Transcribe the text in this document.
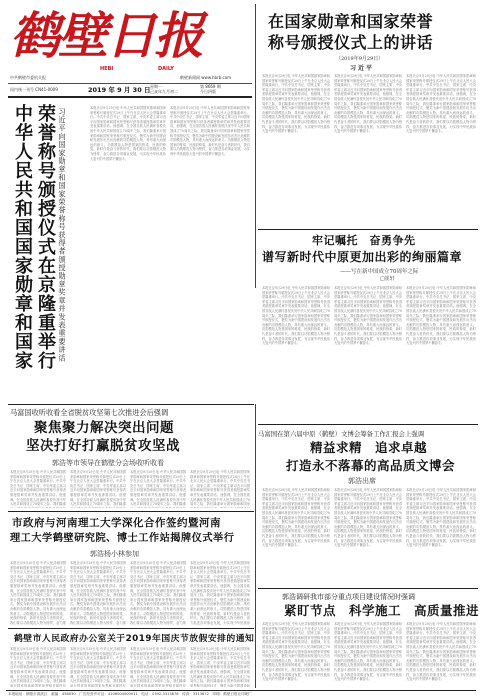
鹤壁日报
HEBI	DAILY
中共鹤壁市委机关报	鹤壁新闻网 www.hbrb.com
国内统一刊号 CN41-0009	2019 年 9 月 30 日 星期一
己亥年九月初二
第 8669 期
今日四版
在国家勋章和国家荣誉
称号颁授仪式上的讲话
（2019年9月29日）
习近平
本报北京9月29日电 中华人民共和国国家勋章和国家荣誉称号颁授仪式29日上午在北京人民大会堂隆重举行。中共中央总书记、国家主席、中央军委主席习近平向国家勋章和国家荣誉称号获得者颁授勋章奖章并发表重要讲话。他强调，在全国各族人民满怀喜悦庆祝中华人民共和国成立70周年之际，我们隆重举行国家勋章和国家荣誉称号颁授仪式，褒奖为新中国建设和发展作出杰出贡献的功勋模范人物，具有重大而深远的意义。功勋模范人物是国家的栋梁、民族的脊梁，新时代是奋斗者的时代，我们要以功勋模范人物为榜样，奋力推进各项事业发展，为实现中华民族伟大复兴的中国梦不懈奋斗。
本报北京9月29日电 中华人民共和国国家勋章和国家荣誉称号颁授仪式29日上午在北京人民大会堂隆重举行。中共中央总书记、国家主席、中央军委主席习近平向国家勋章和国家荣誉称号获得者颁授勋章奖章并发表重要讲话。他强调，在全国各族人民满怀喜悦庆祝中华人民共和国成立70周年之际，我们隆重举行国家勋章和国家荣誉称号颁授仪式，褒奖为新中国建设和发展作出杰出贡献的功勋模范人物，具有重大而深远的意义。功勋模范人物是国家的栋梁、民族的脊梁，新时代是奋斗者的时代，我们要以功勋模范人物为榜样，奋力推进各项事业发展，为实现中华民族伟大复兴的中国梦不懈奋斗。
本报北京9月29日电 中华人民共和国国家勋章和国家荣誉称号颁授仪式29日上午在北京人民大会堂隆重举行。中共中央总书记、国家主席、中央军委主席习近平向国家勋章和国家荣誉称号获得者颁授勋章奖章并发表重要讲话。他强调，在全国各族人民满怀喜悦庆祝中华人民共和国成立70周年之际，我们隆重举行国家勋章和国家荣誉称号颁授仪式，褒奖为新中国建设和发展作出杰出贡献的功勋模范人物，具有重大而深远的意义。功勋模范人物是国家的栋梁、民族的脊梁，新时代是奋斗者的时代，我们要以功勋模范人物为榜样，奋力推进各项事业发展，为实现中华民族伟大复兴的中国梦不懈奋斗。
牢记嘱托　奋勇争先
谱写新时代中原更加出彩的绚丽篇章
——写在新中国成立70周年之际
□崔轩
本报北京9月29日电 中华人民共和国国家勋章和国家荣誉称号颁授仪式29日上午在北京人民大会堂隆重举行。中共中央总书记、国家主席、中央军委主席习近平向国家勋章和国家荣誉称号获得者颁授勋章奖章并发表重要讲话。他强调，在全国各族人民满怀喜悦庆祝中华人民共和国成立70周年之际，我们隆重举行国家勋章和国家荣誉称号颁授仪式，褒奖为新中国建设和发展作出杰出贡献的功勋模范人物，具有重大而深远的意义。功勋模范人物是国家的栋梁、民族的脊梁，新时代是奋斗者的时代，我们要以功勋模范人物为榜样，奋力推进各项事业发展，为实现中华民族伟大复兴的中国梦不懈奋斗。
本报北京9月29日电 中华人民共和国国家勋章和国家荣誉称号颁授仪式29日上午在北京人民大会堂隆重举行。中共中央总书记、国家主席、中央军委主席习近平向国家勋章和国家荣誉称号获得者颁授勋章奖章并发表重要讲话。他强调，在全国各族人民满怀喜悦庆祝中华人民共和国成立70周年之际，我们隆重举行国家勋章和国家荣誉称号颁授仪式，褒奖为新中国建设和发展作出杰出贡献的功勋模范人物，具有重大而深远的意义。功勋模范人物是国家的栋梁、民族的脊梁，新时代是奋斗者的时代，我们要以功勋模范人物为榜样，奋力推进各项事业发展，为实现中华民族伟大复兴的中国梦不懈奋斗。
本报北京9月29日电 中华人民共和国国家勋章和国家荣誉称号颁授仪式29日上午在北京人民大会堂隆重举行。中共中央总书记、国家主席、中央军委主席习近平向国家勋章和国家荣誉称号获得者颁授勋章奖章并发表重要讲话。他强调，在全国各族人民满怀喜悦庆祝中华人民共和国成立70周年之际，我们隆重举行国家勋章和国家荣誉称号颁授仪式，褒奖为新中国建设和发展作出杰出贡献的功勋模范人物，具有重大而深远的意义。功勋模范人物是国家的栋梁、民族的脊梁，新时代是奋斗者的时代，我们要以功勋模范人物为榜样，奋力推进各项事业发展，为实现中华民族伟大复兴的中国梦不懈奋斗。
中华人民共和国国家勋章和国家 荣誉称号颁授仪式在京隆重举行 习近平向国家勋章和国家荣誉称号获得者颁授勋章奖章并发表重要讲话	本报北京9月29日电 中华人民共和国国家勋章和国家荣誉称号颁授仪式29日上午在北京人民大会堂隆重举行。中共中央总书记、国家主席、中央军委主席习近平向国家勋章和国家荣誉称号获得者颁授勋章奖章并发表重要讲话。他强调，在全国各族人民满怀喜悦庆祝中华人民共和国成立70周年之际，我们隆重举行国家勋章和国家荣誉称号颁授仪式，褒奖为新中国建设和发展作出杰出贡献的功勋模范人物，具有重大而深远的意义。功勋模范人物是国家的栋梁、民族的脊梁，新时代是奋斗者的时代，我们要以功勋模范人物为榜样，奋力推进各项事业发展，为实现中华民族伟大复兴的中国梦不懈奋斗。
本报北京9月29日电 中华人民共和国国家勋章和国家荣誉称号颁授仪式29日上午在北京人民大会堂隆重举行。中共中央总书记、国家主席、中央军委主席习近平向国家勋章和国家荣誉称号获得者颁授勋章奖章并发表重要讲话。他强调，在全国各族人民满怀喜悦庆祝中华人民共和国成立70周年之际，我们隆重举行国家勋章和国家荣誉称号颁授仪式，褒奖为新中国建设和发展作出杰出贡献的功勋模范人物，具有重大而深远的意义。功勋模范人物是国家的栋梁、民族的脊梁，新时代是奋斗者的时代，我们要以功勋模范人物为榜样，奋力推进各项事业发展，为实现中华民族伟大复兴的中国梦不懈奋斗。
马富国收听收看全省脱贫攻坚第七次推进会后强调
聚焦聚力解决突出问题
坚决打好打赢脱贫攻坚战
郭浩等市领导在鹤壁分会场收听收看
本报北京9月29日电 中华人民共和国国家勋章和国家荣誉称号颁授仪式29日上午在北京人民大会堂隆重举行。中共中央总书记、国家主席、中央军委主席习近平向国家勋章和国家荣誉称号获得者颁授勋章奖章并发表重要讲话。他强调，在全国各族人民满怀喜悦庆祝中华人民共和国成立70周年之际，我们隆重
本报北京9月29日电 中华人民共和国国家勋章和国家荣誉称号颁授仪式29日上午在北京人民大会堂隆重举行。中共中央总书记、国家主席、中央军委主席习近平向国家勋章和国家荣誉称号获得者颁授勋章奖章并发表重要讲话。他强调，在全国各族人民满怀喜悦庆祝中华人民共和国成立70周年之际，我们隆重
本报北京9月29日电 中华人民共和国国家勋章和国家荣誉称号颁授仪式29日上午在北京人民大会堂隆重举行。中共中央总书记、国家主席、中央军委主席习近平向国家勋章和国家荣誉称号获得者颁授勋章奖章并发表重要讲话。他强调，在全国各族人民满怀喜悦庆祝中华人民共和国成立70周年之际，我们隆重
本报北京9月29日电 中华人民共和国国家勋章和国家荣誉称号颁授仪式29日上午在北京人民大会堂隆重举行。中共中央总书记、国家主席、中央军委主席习近平向国家勋章和国家荣誉称号获得者颁授勋章奖章并发表重要讲话。他强调，在全国各族人民满怀喜悦庆祝中华人民共和国成立70周年之际，我们隆重举行国家勋章和国家
市政府与河南理工大学深化合作签约暨河南
理工大学鹤壁研究院、博士工作站揭牌仪式举行
郭浩杨小林参加
本报北京9月29日电 中华人民共和国国家勋章和国家荣誉称号颁授仪式29日上午在北京人民大会堂隆重举行。中共中央总书记、国家主席、中央军委主席习近平向国家勋章和国家荣誉称号获得者颁授勋章奖章并发表重要讲话。他强调，在全国各族人民满怀喜悦庆祝中华人民共和国成立70周年之际，我们隆重举行国家勋章和国家荣誉称号颁授仪式，褒奖为新中国建设和发展作出杰出贡献的功勋模范人物，具有重大而深远的意义。功勋模范人物是国家的栋梁、民族的脊梁，新时代是奋斗者的时代，我们要以功勋模范人物为榜样，奋力推
本报北京9月29日电 中华人民共和国国家勋章和国家荣誉称号颁授仪式29日上午在北京人民大会堂隆重举行。中共中央总书记、国家主席、中央军委主席习近平向国家勋章和国家荣誉称号获得者颁授勋章奖章并发表重要讲话。他强调，在全国各族人民满怀喜悦庆祝中华人民共和国成立70周年之际，我们隆重举行国家勋章和国家荣誉称号颁授仪式，褒奖为新中国建设和发展作出杰出贡献的功勋模范人物，具有重大而深远的意义。功勋模范人物是国家的栋梁、民族的脊梁，新时代是奋斗者的时代，我们要以功勋模范人物为榜样，奋力推
本报北京9月29日电 中华人民共和国国家勋章和国家荣誉称号颁授仪式29日上午在北京人民大会堂隆重举行。中共中央总书记、国家主席、中央军委主席习近平向国家勋章和国家荣誉称号获得者颁授勋章奖章并发表重要讲话。他强调，在全国各族人民满怀喜悦庆祝中华人民共和国成立70周年之际，我们隆重举行国家勋章和国家荣誉称号颁授仪式，褒奖为新中国建设和发展作出杰出贡献的功勋模范人物，具有重大而深远的意义。功勋模范人物是国家的栋梁、民族的脊梁，新时代是奋斗者的时代，我们要以功勋模范人物为榜样，奋力推
本报北京9月29日电 中华人民共和国国家勋章和国家荣誉称号颁授仪式29日上午在北京人民大会堂隆重举行。中共中央总书记、国家主席、中央军委主席习近平向国家勋章和国家荣誉称号获得者颁授勋章奖章并发表重要讲话。他强调，在全国各族人民满怀喜悦庆祝中华人民共和国成立70周年之际，我们隆重举行国家勋章和国家荣誉称号颁授仪式，褒奖为新中国建设和发展作出杰出贡献的功勋模范人物，具有重大而深远的意义。功勋模范人物是国家的栋梁、民族的脊梁，新时代是奋斗者的时代，我们要以功勋模范人物为榜样，奋力推进各项事业发展，为实现中华民族伟
鹤壁市人民政府办公室关于2019年国庆节放假安排的通知
本报北京9月29日电 中华人民共和国国家勋章和国家荣誉称号颁授仪式29日上午在北京人民大会堂隆重举行。中共中央总书记、国家主席、中央军委主席习近平向国家勋章和国家荣誉称号获得者颁授勋章奖章并发表重要讲话。他强调，在全国各族人民满怀喜悦庆祝中华人民共和国成立70周年之际，我们隆重举行国家勋章和国家荣誉称号颁授仪
本报北京9月29日电 中华人民共和国国家勋章和国家荣誉称号颁授仪式29日上午在北京人民大会堂隆重举行。中共中央总书记、国家主席、中央军委主席习近平向国家勋章和国家荣誉称号获得者颁授勋章奖章并发表重要讲话。他强调，在全国各族人民满怀喜悦庆祝中华人民共和国成立70周年之际，我们隆重举行国家勋章和国家荣誉称号颁授仪
本报北京9月29日电 中华人民共和国国家勋章和国家荣誉称号颁授仪式29日上午在北京人民大会堂隆重举行。中共中央总书记、国家主席、中央军委主席习近平向国家勋章和国家荣誉称号获得者颁授勋章奖章并发表重要讲话。他强调，在全国各族人民满怀喜悦庆祝中华人民共和国成立70周年之际，我们隆重举行国家勋章和国家荣誉称号颁授仪
本报北京9月29日电 中华人民共和国国家勋章和国家荣誉称号颁授仪式29日上午在北京人民大会堂隆重举行。中共中央总书记、国家主席、中央军委主席习近平向国家勋章和国家荣誉称号获得者颁授勋章奖章并发表重要讲话。他强调，在全国各族人民满怀喜悦庆祝中华人民共和国成立70周年之际，我们隆重举行国家勋章和国家荣誉称号颁授仪式，褒奖为新中国建设和
马富国在第六届中原（鹤壁）文博会筹备工作汇报会上强调
精益求精　追求卓越
打造永不落幕的高品质文博会
郭浩出席
本报北京9月29日电 中华人民共和国国家勋章和国家荣誉称号颁授仪式29日上午在北京人民大会堂隆重举行。中共中央总书记、国家主席、中央军委主席习近平向国家勋章和国家荣誉称号获得者颁授勋章奖章并发表重要讲话。他强调，在全国各族人民满怀喜悦庆祝中华人民共和国成立70周年之际，我们隆重举行国家勋章和国家荣誉称号颁授仪式，褒奖为新中国建设和发展作出杰出贡献的功勋模范人物，具有重大而深远的意义。功勋模范人物是国家的栋梁、民族的脊梁，新时代是奋斗者的时代，我们要以功勋模范人物为榜样，奋力推进各项事业发展，为实现中华民族伟大复兴的中国梦不懈奋斗。
本报北京9月29日电 中华人民共和国国家勋章和国家荣誉称号颁授仪式29日上午在北京人民大会堂隆重举行。中共中央总书记、国家主席、中央军委主席习近平向国家勋章和国家荣誉称号获得者颁授勋章奖章并发表重要讲话。他强调，在全国各族人民满怀喜悦庆祝中华人民共和国成立70周年之际，我们隆重举行国家勋章和国家荣誉称号颁授仪式，褒奖为新中国建设和发展作出杰出贡献的功勋模范人物，具有重大而深远的意义。功勋模范人物是国家的栋梁、民族的脊梁，新时代是奋斗者的时代，我们要以功勋模范人物为榜样，奋力推进各项事业发展，为实现中华民族伟大复兴的中国梦不懈奋斗。
本报北京9月29日电 中华人民共和国国家勋章和国家荣誉称号颁授仪式29日上午在北京人民大会堂隆重举行。中共中央总书记、国家主席、中央军委主席习近平向国家勋章和国家荣誉称号获得者颁授勋章奖章并发表重要讲话。他强调，在全国各族人民满怀喜悦庆祝中华人民共和国成立70周年之际，我们隆重举行国家勋章和国家荣誉称号颁授仪式，褒奖为新中国建设和发展作出杰出贡献的功勋模范人物，具有重大而深远的意义。功勋模范人物是国家的栋梁、民族的脊梁，新时代是奋斗者的时代，我们要以功勋模范人物为榜样，奋力推进各项事业发展，为实现中华民族伟大复兴的中国梦不懈奋斗。
郭浩调研我市部分重点项目建设情况时强调
紧盯节点　科学施工　高质量推进
本报北京9月29日电 中华人民共和国国家勋章和国家荣誉称号颁授仪式29日上午在北京人民大会堂隆重举行。中共中央总书记、国家主席、中央军委主席习近平向国家勋章和国家荣誉称号获得者颁授勋章奖章并发表重要讲话。他强调，在全国各族人民满怀喜悦庆祝中华人民共和国成立70周年之际，我们隆重举行国家勋章和国家荣誉称号颁授仪式，褒奖为新中国建设和发展作出杰出贡献的功勋模范人物，具有重大而深远的意义。功勋模范人物是国家的栋梁、民族的脊梁，新时代是奋斗者的时代，我们要以功勋模范人物为榜样，奋力推进各项事业发展，为实现中华民族伟大复兴的中国梦不懈奋斗。
本报北京9月29日电 中华人民共和国国家勋章和国家荣誉称号颁授仪式29日上午在北京人民大会堂隆重举行。中共中央总书记、国家主席、中央军委主席习近平向国家勋章和国家荣誉称号获得者颁授勋章奖章并发表重要讲话。他强调，在全国各族人民满怀喜悦庆祝中华人民共和国成立70周年之际，我们隆重举行国家勋章和国家荣誉称号颁授仪式，褒奖为新中国建设和发展作出杰出贡献的功勋模范人物，具有重大而深远的意义。功勋模范人物是国家的栋梁、民族的脊梁，新时代是奋斗者的时代，我们要以功勋模范人物为榜样，奋力推进各项事业发展，为实现中华民族伟大复兴的中国梦不懈奋斗。
本报北京9月29日电 中华人民共和国国家勋章和国家荣誉称号颁授仪式29日上午在北京人民大会堂隆重举行。中共中央总书记、国家主席、中央军委主席习近平向国家勋章和国家荣誉称号获得者颁授勋章奖章并发表重要讲话。他强调，在全国各族人民满怀喜悦庆祝中华人民共和国成立70周年之际，我们隆重举行国家勋章和国家荣誉称号颁授仪式，褒奖为新中国建设和发展作出杰出贡献的功勋模范人物，具有重大而深远的意义。功勋模范人物是国家的栋梁、民族的脊梁，新时代是奋斗者的时代，我们要以功勋模范人物为榜样，奋力推进各项事业发展，为实现中华民族伟大复兴的中国梦不懈奋斗。
本报地址：鹤壁市淇滨区　邮编：458030　广告经营许可证：4106004000011　电话：0392-3313876　传真：3313872　印刷：鹤壁日报社印刷厂
